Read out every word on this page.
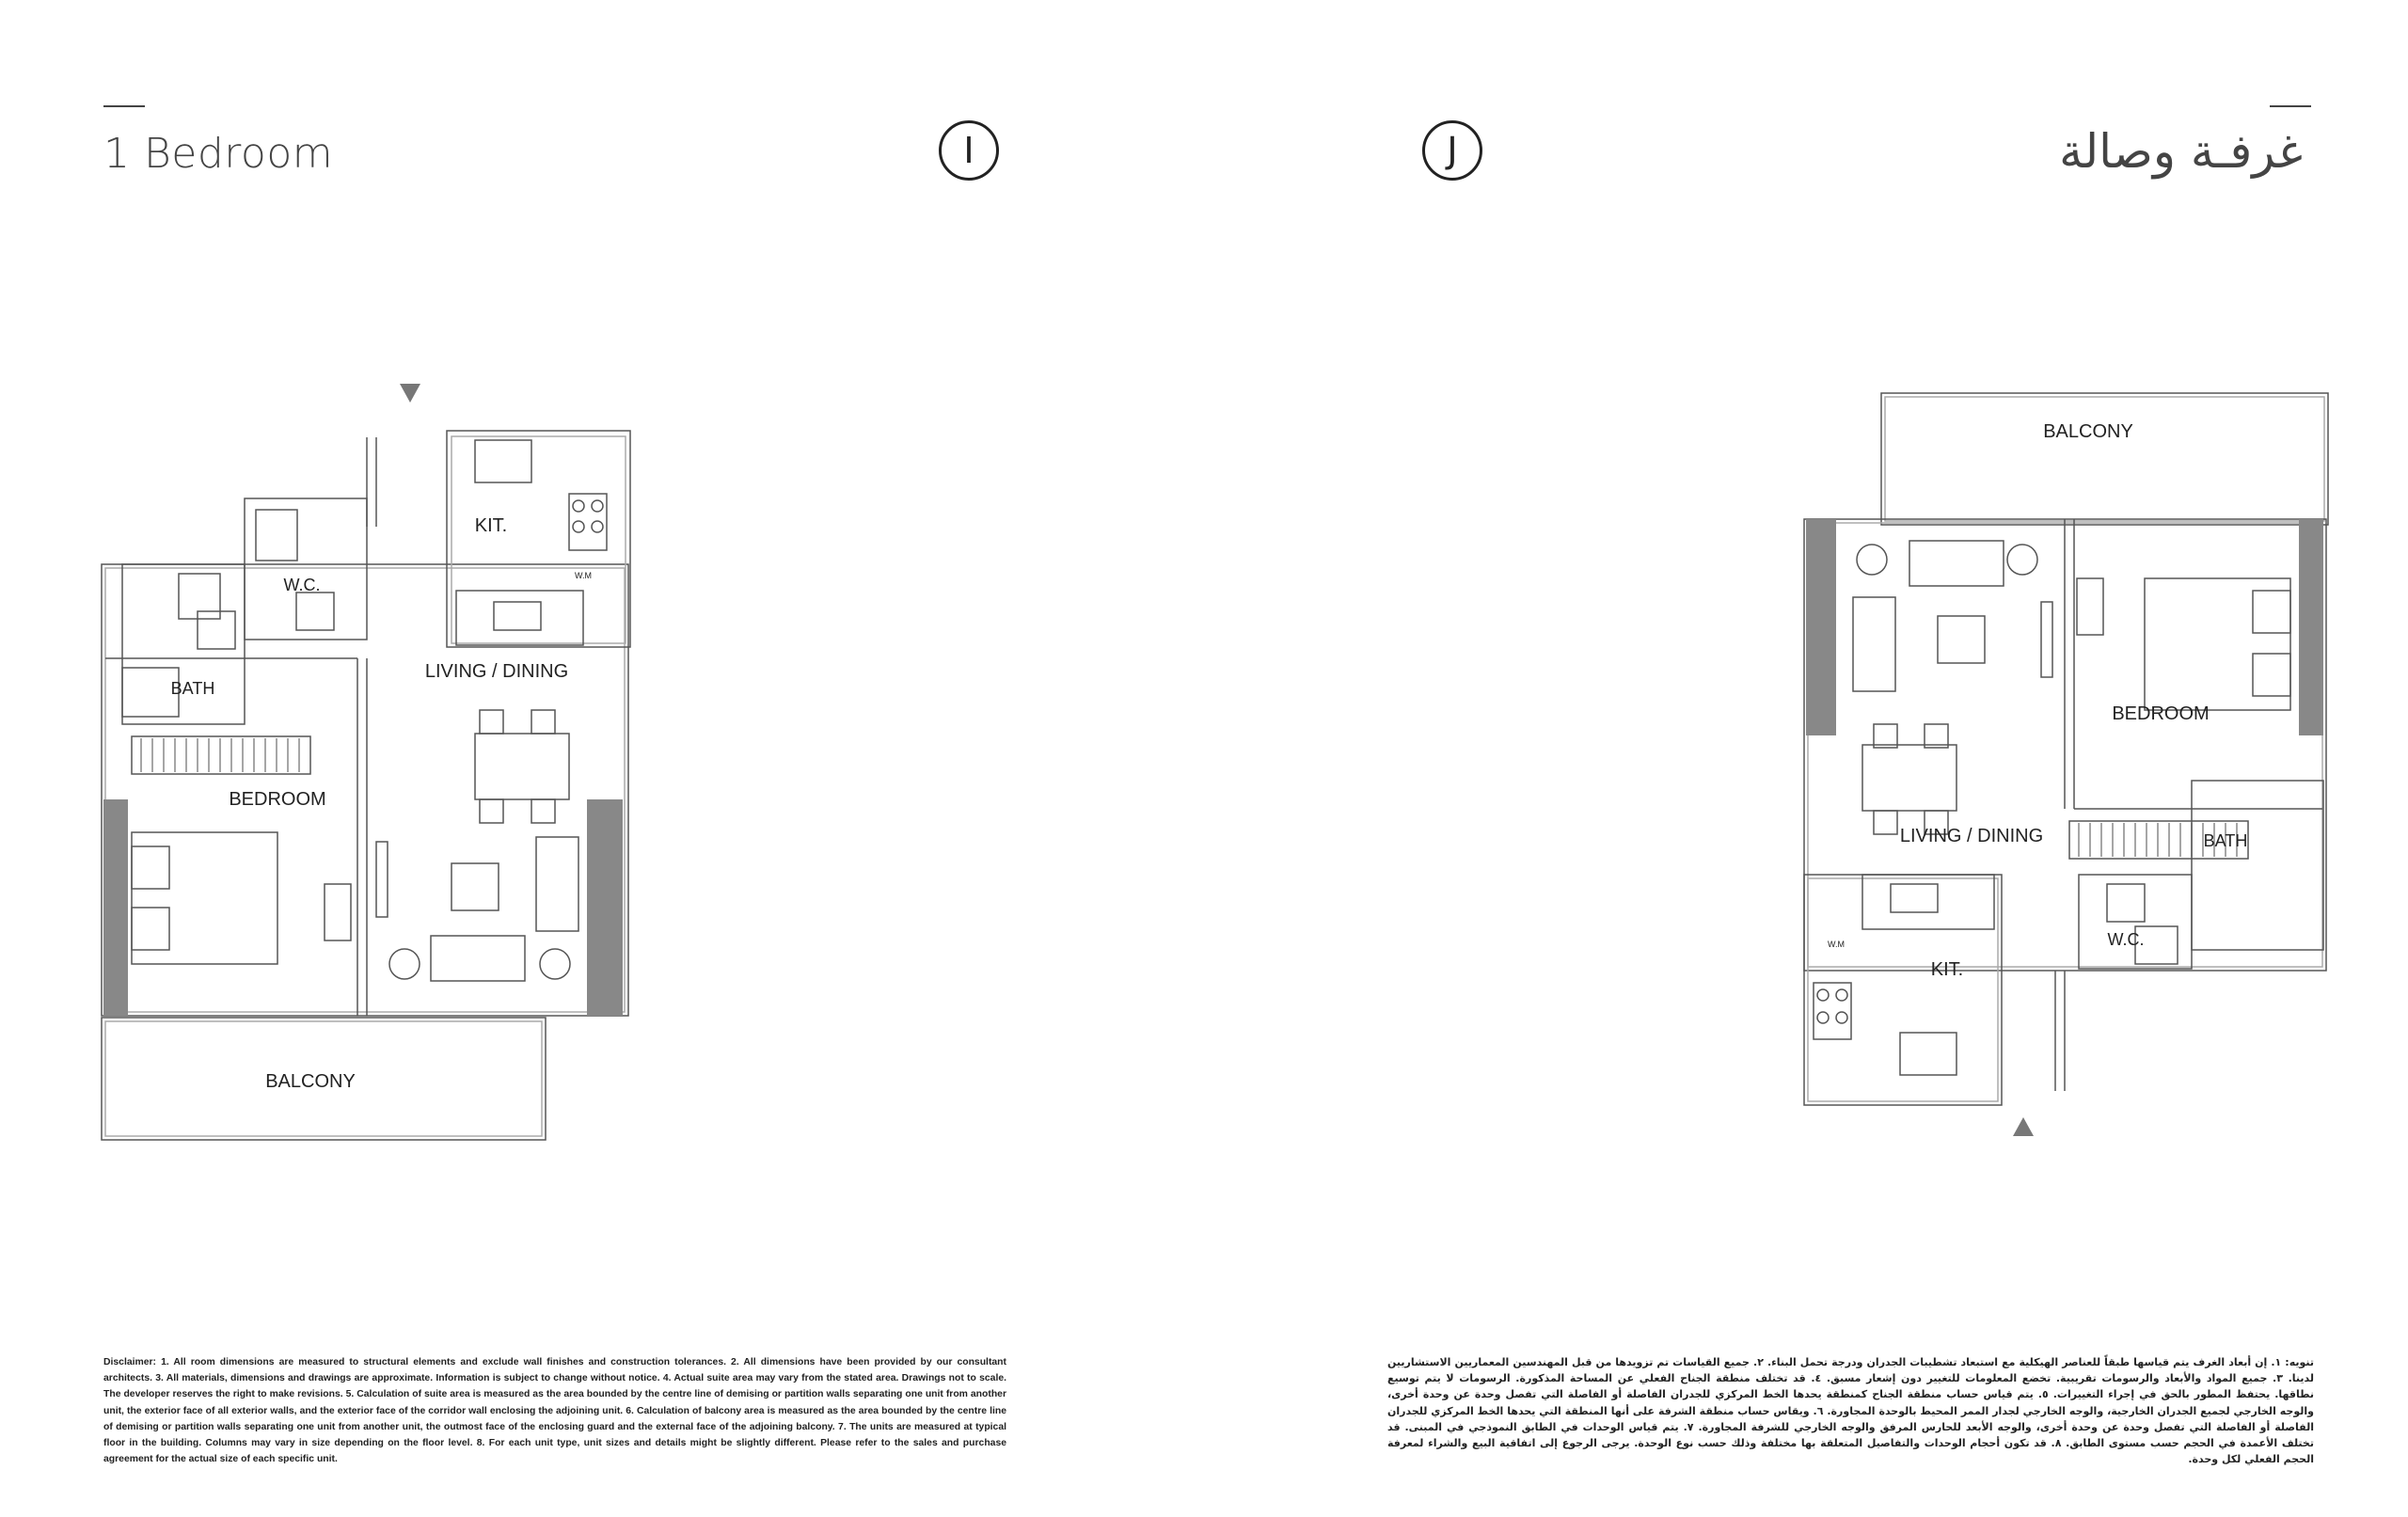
1 Bedroom	غرفـة وصالة
I	J
KIT.
W.C.
BATH
LIVING / DINING
BEDROOM
BALCONY
W.M
BALCONY
BEDROOM
LIVING / DINING	BATH
W.C.
KIT.
W.M
Disclaimer: 1. All room dimensions are measured to structural elements and exclude wall finishes and construction tolerances. 2. All dimensions have been provided by our consultant architects. 3. All materials, dimensions and drawings are approximate. Information is subject to change without notice. 4. Actual suite area may vary from the stated area. Drawings not to scale. The developer reserves the right to make revisions. 5. Calculation of suite area is measured as the area bounded by the centre line of demising or partition walls separating one unit from another unit, the exterior face of all exterior walls, and the exterior face of the corridor wall enclosing the adjoining unit. 6. Calculation of balcony area is measured as the area bounded by the centre line of demising or partition walls separating one unit from another unit, the outmost face of the enclosing guard and the external face of the adjoining balcony. 7. The units are measured at typical floor in the building. Columns may vary in size depending on the floor level. 8. For each unit type, unit sizes and details might be slightly different. Please refer to the sales and purchase agreement for the actual size of each specific unit.
تنويه: ١. إن أبعاد الغرف يتم قياسها طبقاً للعناصر الهيكلية مع استبعاد تشطيبات الجدران ودرجة تحمل البناء. ٢. جميع القياسات تم تزويدها من قبل المهندسين المعماريين الاستشاريين لدينا. ٣. جميع المواد والأبعاد والرسومات تقريبية. تخضع المعلومات للتغيير دون إشعار مسبق. ٤. قد تختلف منطقة الجناح الفعلي عن المساحة المذكورة. الرسومات لا يتم توسيع نطاقها. يحتفظ المطور بالحق في إجراء التغييرات. ٥. يتم قياس حساب منطقة الجناح كمنطقة يحدها الخط المركزي للجدران الفاصلة أو الفاصلة التي تفصل وحدة عن وحدة أخرى، والوجه الخارجي لجميع الجدران الخارجية، والوجه الخارجي لجدار الممر المحيط بالوحدة المجاورة. ٦. ويقاس حساب منطقة الشرفة على أنها المنطقة التي يحدها الخط المركزي للجدران الفاصلة أو الفاصلة التي تفصل وحدة عن وحدة أخرى، والوجه الأبعد للحارس المرفق والوجه الخارجي للشرفة المجاورة. ٧. يتم قياس الوحدات في الطابق النموذجي في المبنى. قد تختلف الأعمدة في الحجم حسب مستوى الطابق. ٨. قد تكون أحجام الوحدات والتفاصيل المتعلقة بها مختلفة وذلك حسب نوع الوحدة. يرجى الرجوع إلى اتفاقية البيع والشراء لمعرفة الحجم الفعلي لكل وحدة.
